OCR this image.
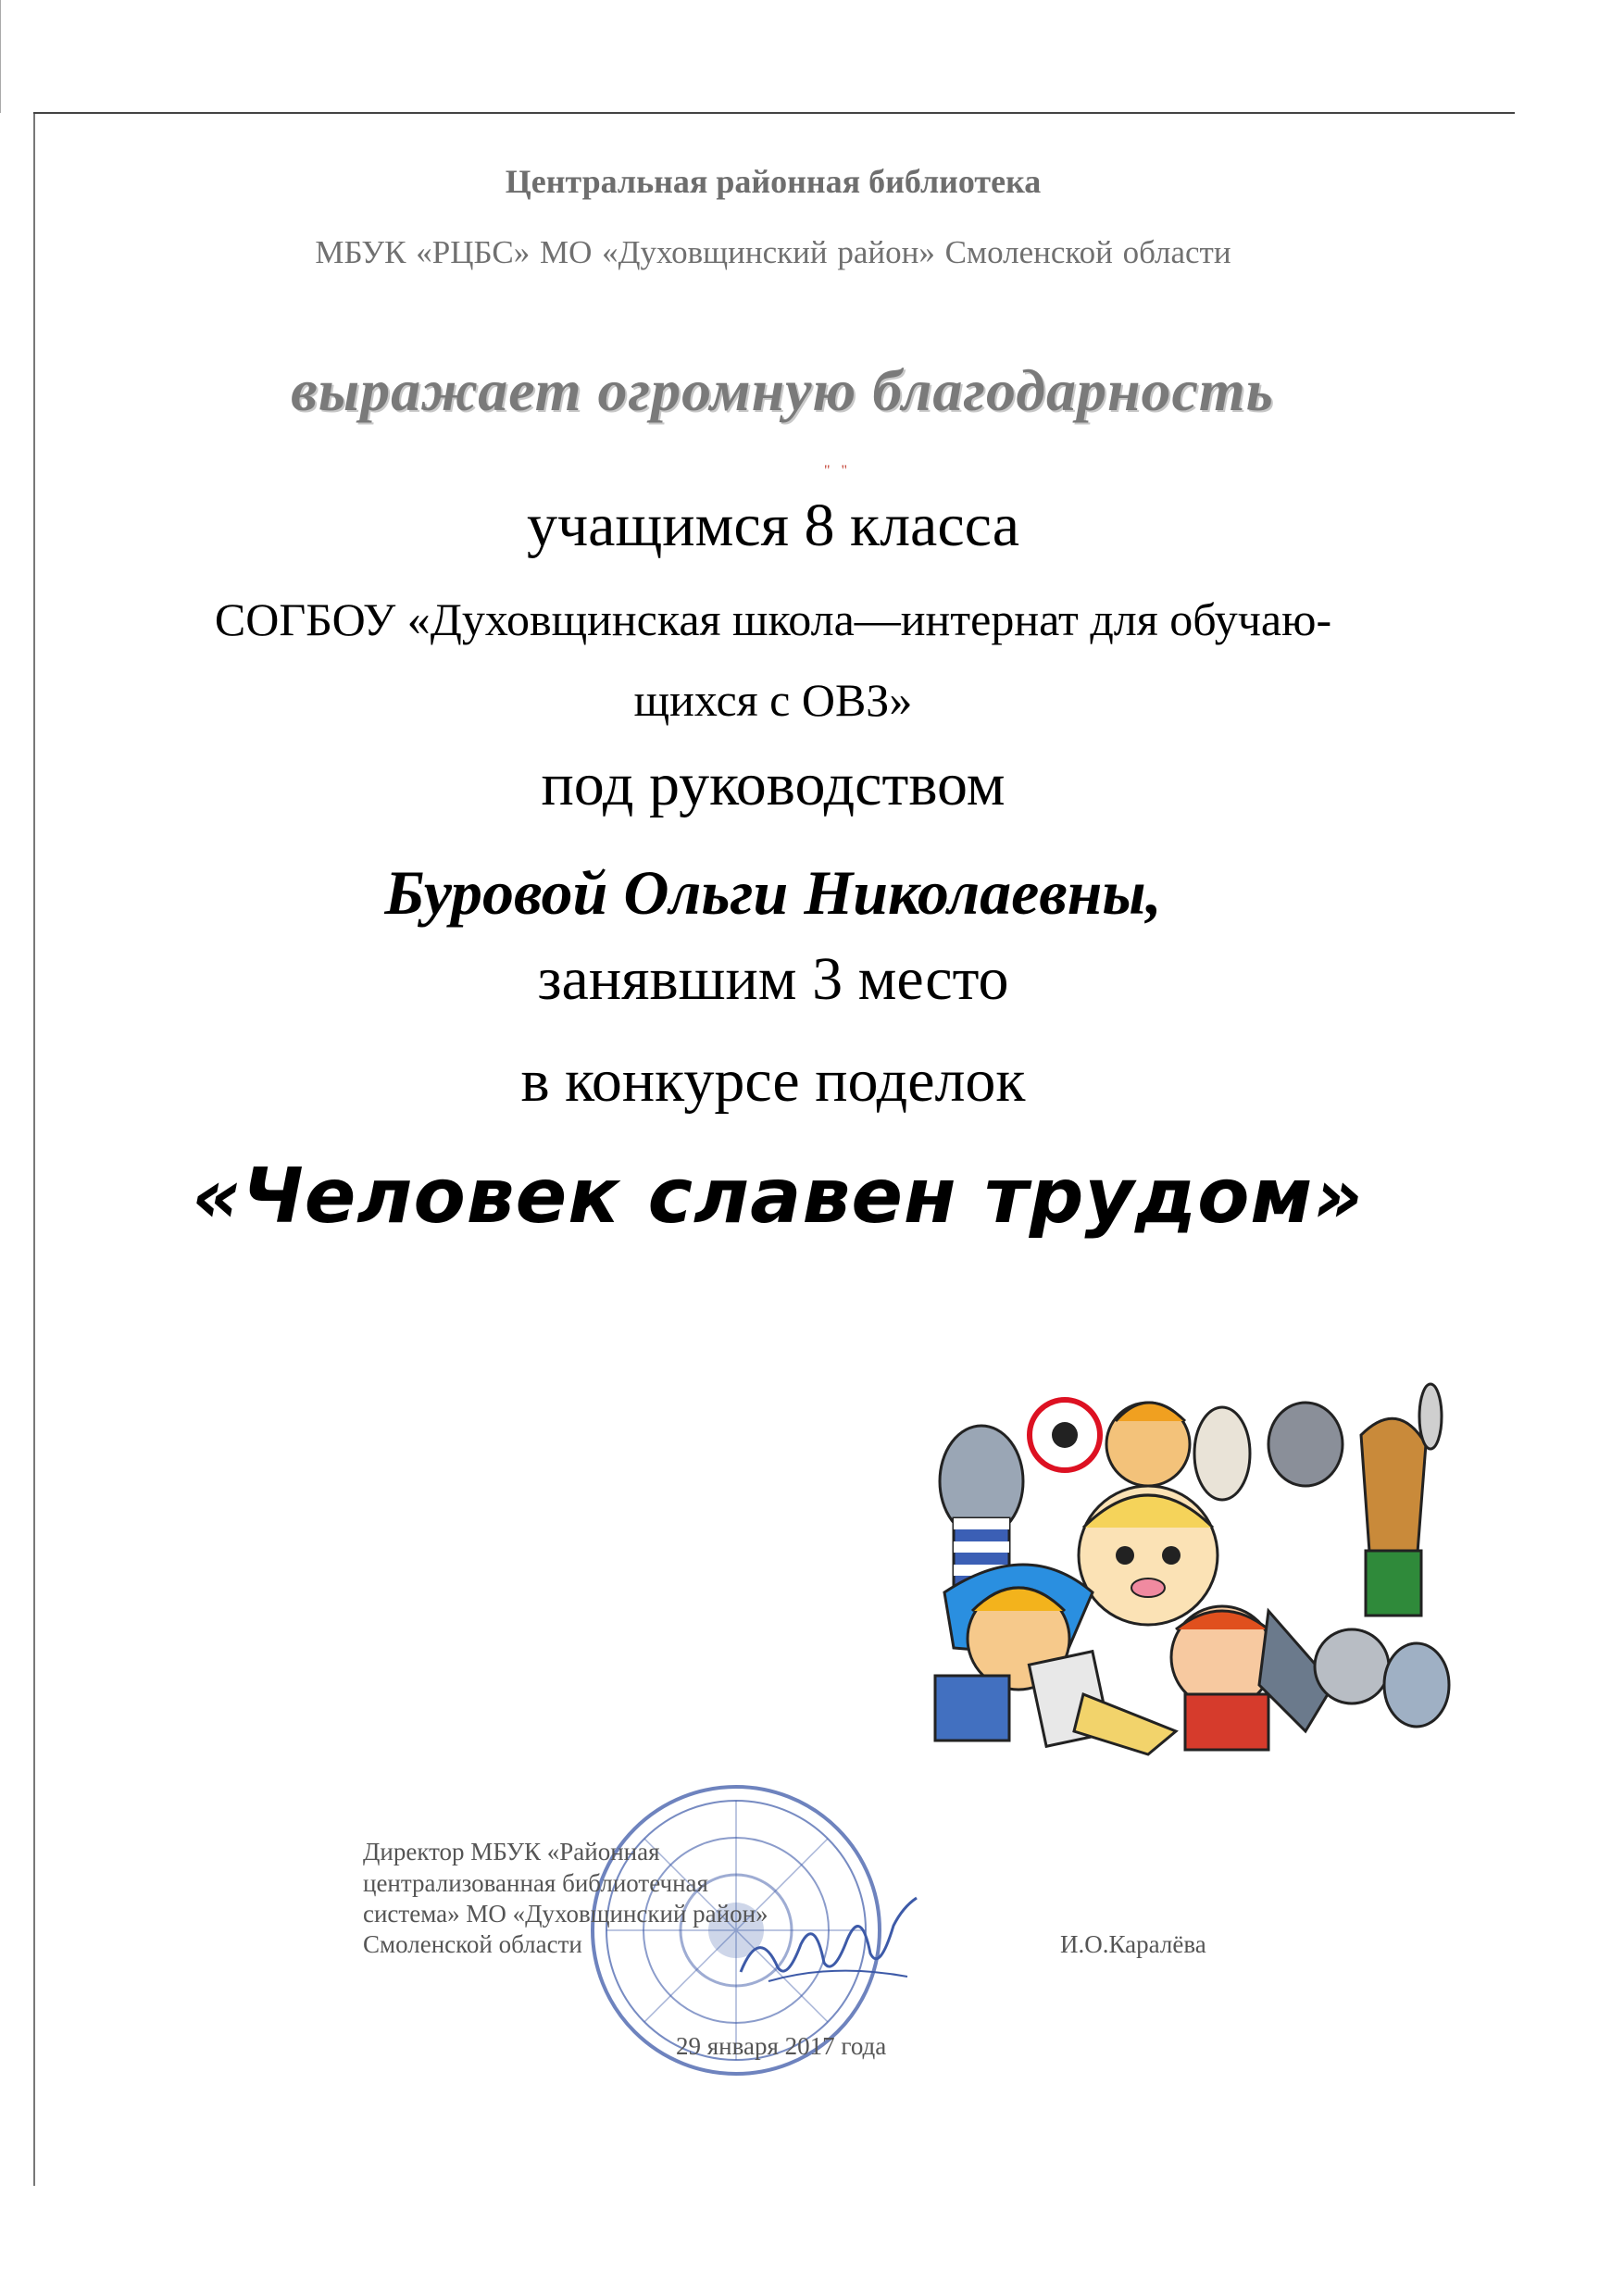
Центральная районная библиотека
МБУК «РЦБС» МО «Духовщинский район» Смоленской области
выражает огромную благодарность
" "
учащимся 8 класса
СОГБОУ «Духовщинская школа—интернат для обучаю-
щихся с ОВЗ»
под руководством
Буровой Ольги Николаевны,
занявшим 3 место
в конкурсе поделок
«Человек славен трудом»
Директор МБУК «Районная
централизованная библиотечная
система» МО «Духовщинский район»
Смоленской области	И.О.Каралёва
29 января 2017 года
